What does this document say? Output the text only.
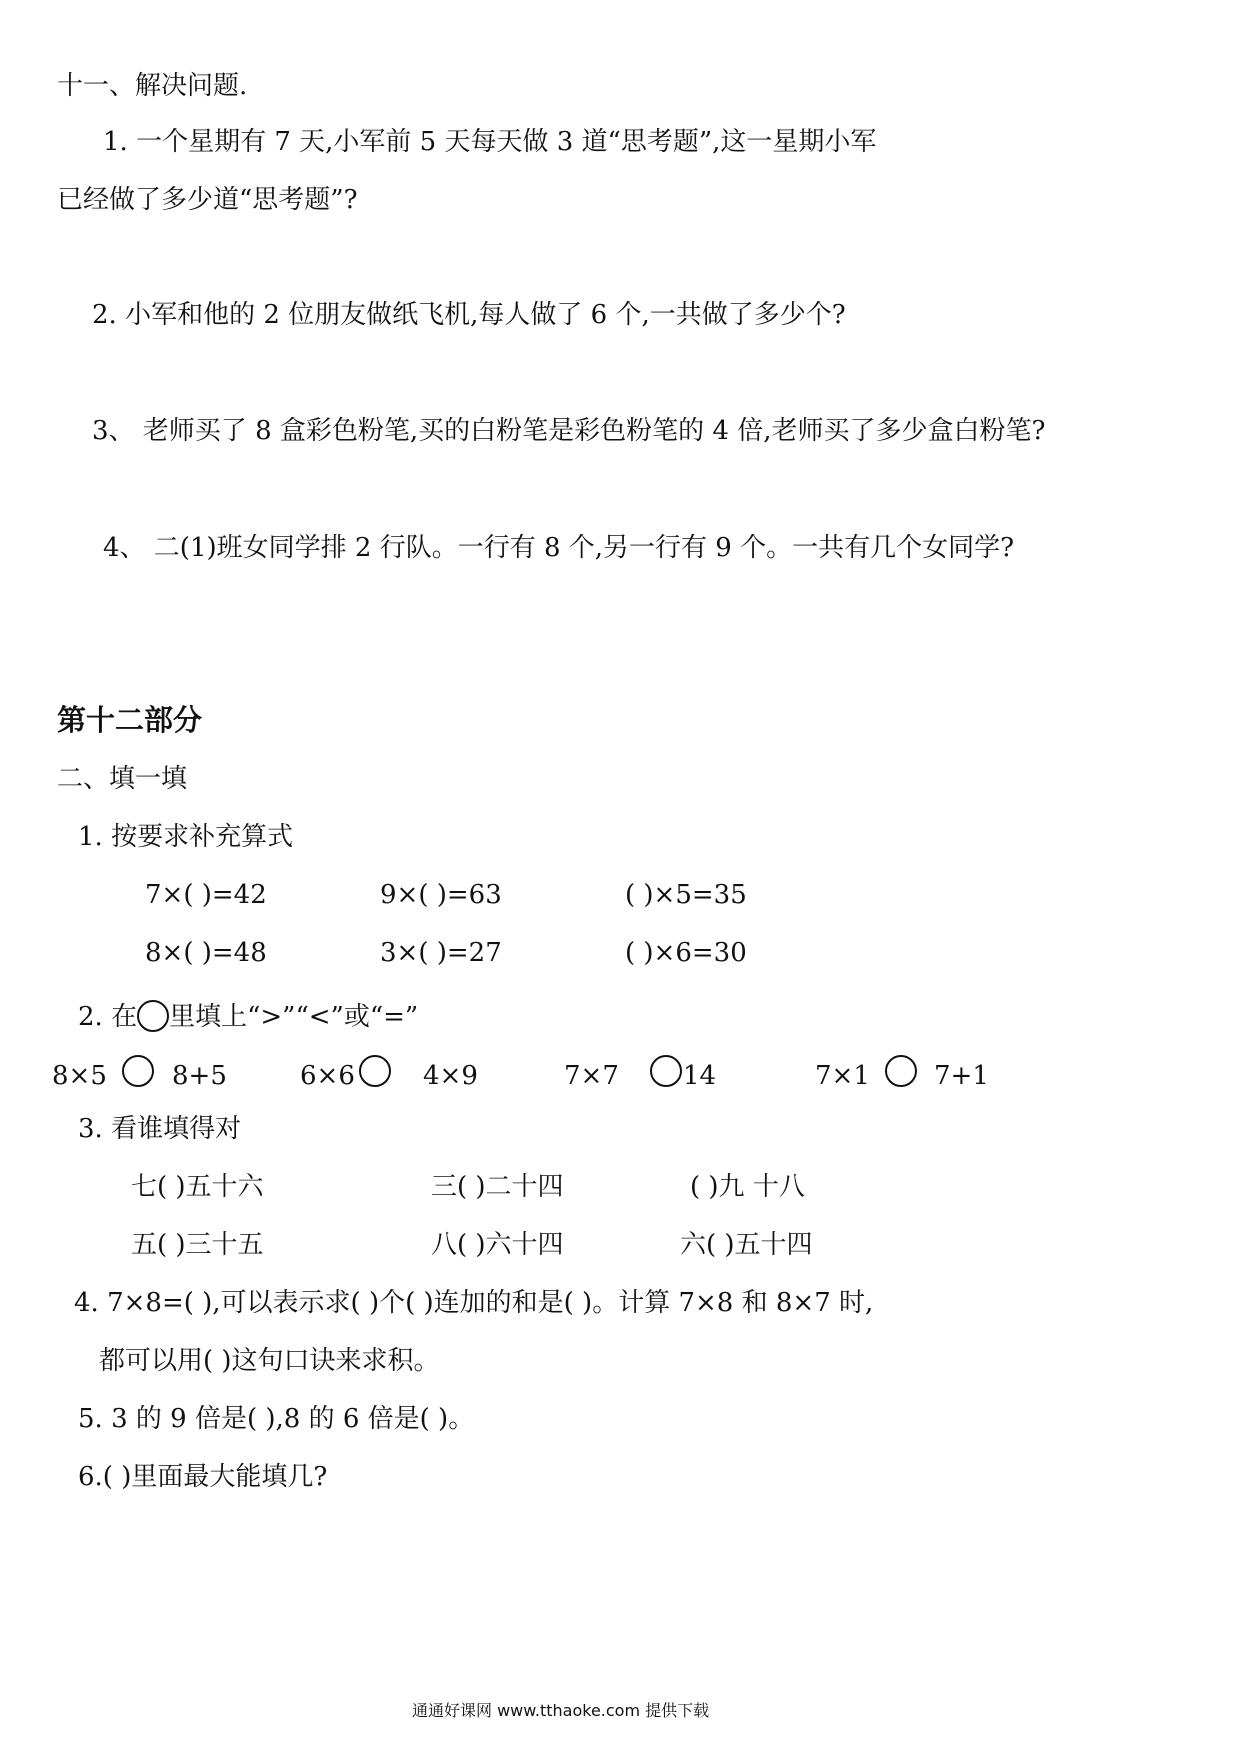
十一、解决问题.
1. 一个星期有 7 天,小军前 5 天每天做 3 道“思考题”,这一星期小军
已经做了多少道“思考题”?
2. 小军和他的 2 位朋友做纸飞机,每人做了 6 个,一共做了多少个?
3、 老师买了 8 盒彩色粉笔,买的白粉笔是彩色粉笔的 4 倍,老师买了多少盒白粉笔?
4、 二(1)班女同学排 2 行队。一行有 8 个,另一行有 9 个。一共有几个女同学?
第十二部分
二、填一填
1. 按要求补充算式
7×( )=42	9×( )=63	( )×5=35
8×( )=48	3×( )=27	( )×6=30
2. 在 里填上“>”“<”或“=”
8×5	8+5	6×6	4×9	7×7 14	7×1 7+1
3. 看谁填得对
七( )五十六	三( )二十四	( )九 十八
五( )三十五	八( )六十四	六( )五十四
4. 7×8=( ),可以表示求( )个( )连加的和是( )。计算 7×8 和 8×7 时,
都可以用( )这句口诀来求积。
5. 3 的 9 倍是( ),8 的 6 倍是( )。
6.( )里面最大能填几?
通通好课网 www.tthaoke.com 提供下载
